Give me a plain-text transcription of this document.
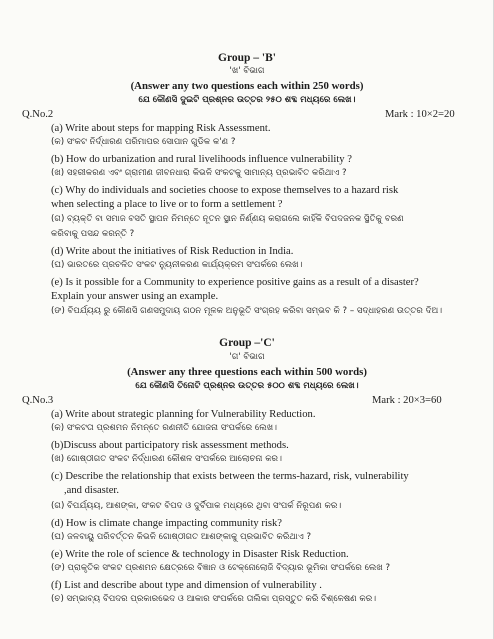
Group – 'B'
'ଖ' ବିଭାଗ
(Answer any two questions each within 250 words)
ଯେ କୌଣସି ଦୁଇଟି ପ୍ରଶ୍ନର ଉତ୍ତର ୨୫୦ ଶବ୍ଦ ମଧ୍ୟରେ ଲେଖ।
Q.No.2	Mark : 10×2=20
(a) Write about steps for mapping Risk Assessment.
(କ) ସଂକଟ ନିର୍ଦ୍ଧାରଣ ପରିମାପର ସୋପାନ ଗୁଡିକ କ'ଣ ?
(b) How do urbanization and rural livelihoods influence vulnerability ?
(ଖ) ସହରୀକରଣ ଏବଂ ଗ୍ରାମୀଣ ଜୀବନଧାରା କିଭଳି ସଂକଟକୁ ସାମାନ୍ୟ ପ୍ରଭାବିତ କରିଥାଏ ?
(c) Why do individuals and societies choose to expose themselves to a hazard risk
when selecting a place to live or to form a settlement ?
(ଗ) ବ୍ୟକ୍ତି ବା ସମାଜ ବସତି ସ୍ଥାପନ ନିମନ୍ତେ ନୂତନ ସ୍ଥାନ ନିର୍ଣ୍ଣୟ କରାଗଲେ କାହିଁକି ବିପଦଜନକ ସ୍ଥିତିକୁ ବରଣ
କରିବାକୁ ପସନ୍ଦ କରନ୍ତି ?
(d) Write about the initiatives of Risk Reduction in India.
(ଘ) ଭାରତରେ ପ୍ରଚଳିତ ସଂକଟ ନ୍ୟୁନୀକରଣ କାର୍ଯ୍ୟକ୍ରମ ସଂପର୍କରେ ଲେଖ।
(e) Is it possible for a Community to experience positive gains as a result of a disaster?
Explain your answer using an example.
(ଙ) ବିପର୍ଯ୍ୟୟ ରୁ କୌଣସି ଗଣସମୁଦାୟ ଗଠନ ମୂଳକ ଅନୁଭୂତି ସଂଗ୍ରହ କରିବା ସମ୍ଭବ କି ? – ସଦ୍ଧାହରଣ ଉତ୍ତର ଦିଅ।
Group –'C'
'ଗ' ବିଭାଗ
(Answer any three questions each within 500 words)
ଯେ କୌଣସି ତିନୋଟି ପ୍ରଶ୍ନର ଉତ୍ତର ୫୦୦ ଶବ୍ଦ ମଧ୍ୟରେ ଲେଖ।
Q.No.3	Mark : 20×3=60
(a) Write about strategic planning for Vulnerability Reduction.
(କ) ସଂକଟତା ପ୍ରଶମନ ନିମନ୍ତେ ରଣନୀତି ଯୋଜନା ସଂପର୍କରେ ଲେଖ।
(b)Discuss about participatory risk assessment methods.
(ଖ) ଗୋଷ୍ଠୀଗତ ସଂକଟ ନିର୍ଦ୍ଧାରଣ କୌଶଳ ସଂପର୍କରେ ଆଲୋଚନା କର।
(c) Describe the relationship that exists between the terms-hazard, risk, vulnerability
,and disaster.
(ଗ) ବିପର୍ଯ୍ୟୟ, ଆଶଙ୍କା, ସଂକଟ ବିପଦ ଓ ଦୁର୍ବିପାକ ମଧ୍ୟରେ ଥିବା ସଂପର୍କ ନିରୂପଣ କର।
(d) How is climate change impacting community risk?
(ଘ) ଜଳବାୟୁ ପରିବର୍ତ୍ତନ କିଭଳି ଗୋଷ୍ଠୀଗତ ଆଶଙ୍କାକୁ ପ୍ରଭାବିତ କରିଥାଏ ?
(e) Write the role of science & technology in Disaster Risk Reduction.
(ଙ) ପ୍ରାକୃତିକ ସଂକଟ ପ୍ରଶମନ କ୍ଷେତ୍ରରେ ବିଜ୍ଞାନ ଓ ଟେକ୍ନୋଲୋଜି ବିଦ୍ୟାର ଭୂମିକା ସଂପର୍କରେ ଲେଖ ?
(f) List and describe about type and dimension of vulnerability .
(ଚ) ସମ୍ଭାବ୍ୟ ବିପଦର ପ୍ରକାରଭେଦ ଓ ଆକାର ସଂପର୍କରେ ତାଲିକା ପ୍ରସ୍ତୁତ କରି ବିଶ୍ଳେଷଣ କର।
